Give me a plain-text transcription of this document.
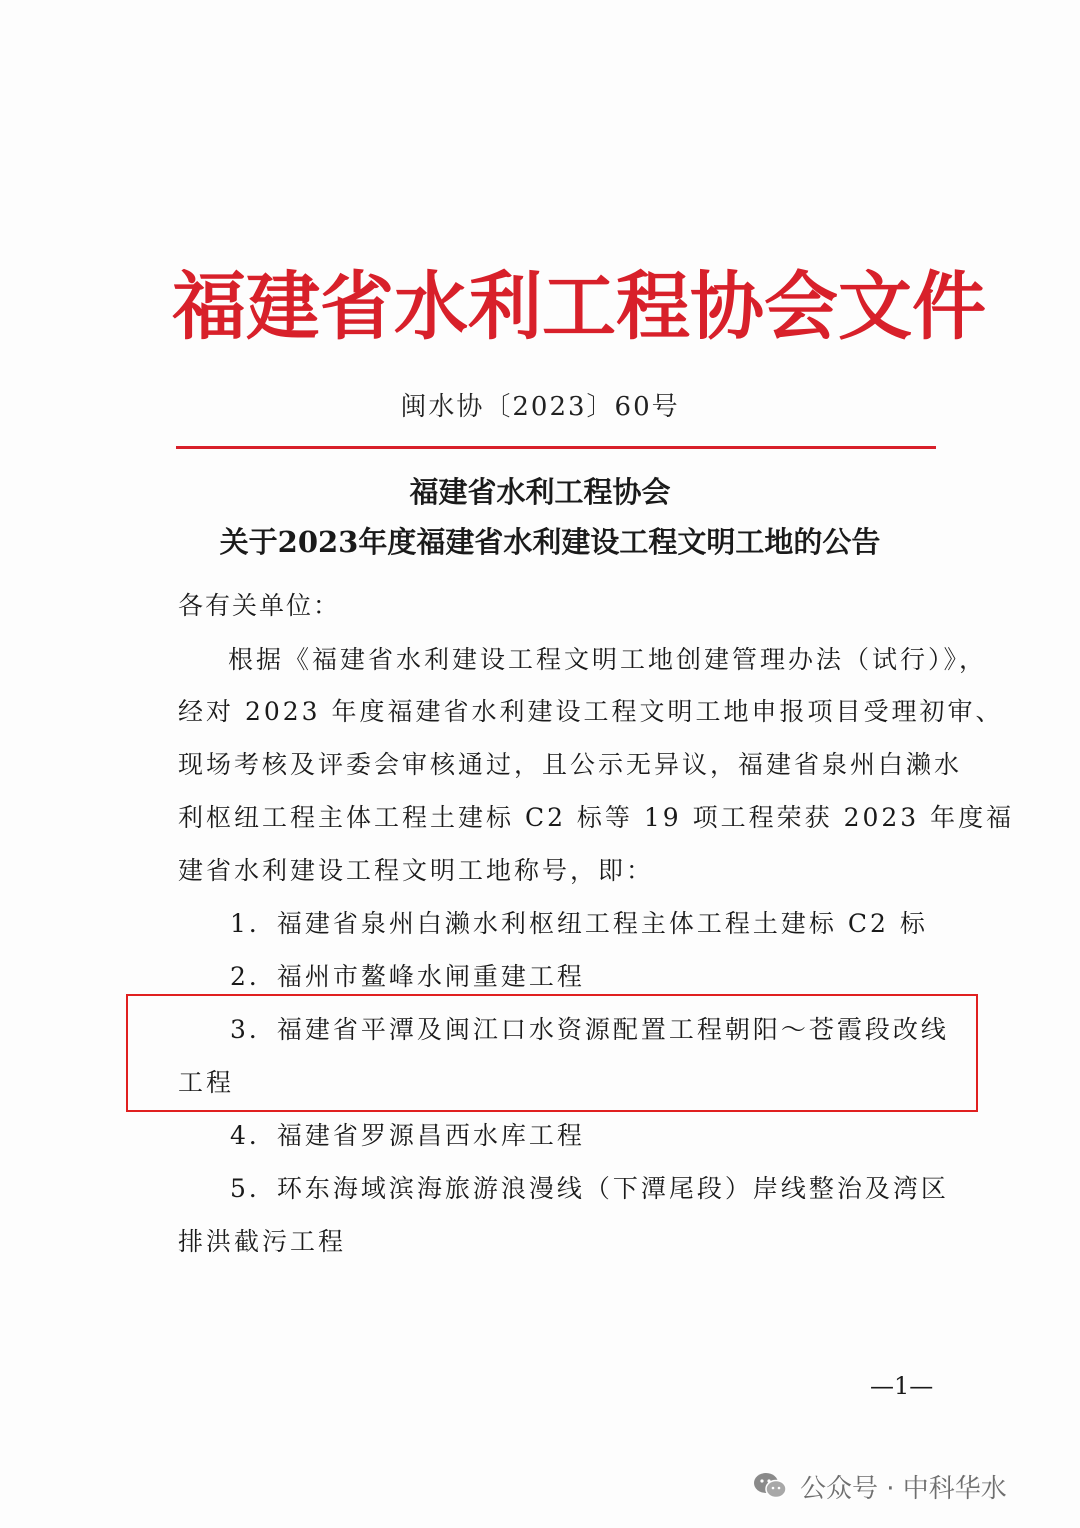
福建省水利工程协会文件
闽水协〔2023〕60号
福建省水利工程协会
关于2023年度福建省水利建设工程文明工地的公告
各有关单位：
根据《福建省水利建设工程文明工地创建管理办法（试行）》，
经对 2023 年度福建省水利建设工程文明工地申报项目受理初审、
现场考核及评委会审核通过，且公示无异议，福建省泉州白濑水
利枢纽工程主体工程土建标 C2 标等 19 项工程荣获 2023 年度福
建省水利建设工程文明工地称号，即：
1．福建省泉州白濑水利枢纽工程主体工程土建标 C2 标
2．福州市鳌峰水闸重建工程
3．福建省平潭及闽江口水资源配置工程朝阳～苍霞段改线
工程
4．福建省罗源昌西水库工程
5．环东海域滨海旅游浪漫线（下潭尾段）岸线整治及湾区
排洪截污工程
—1—
公众号 · 中科华水
